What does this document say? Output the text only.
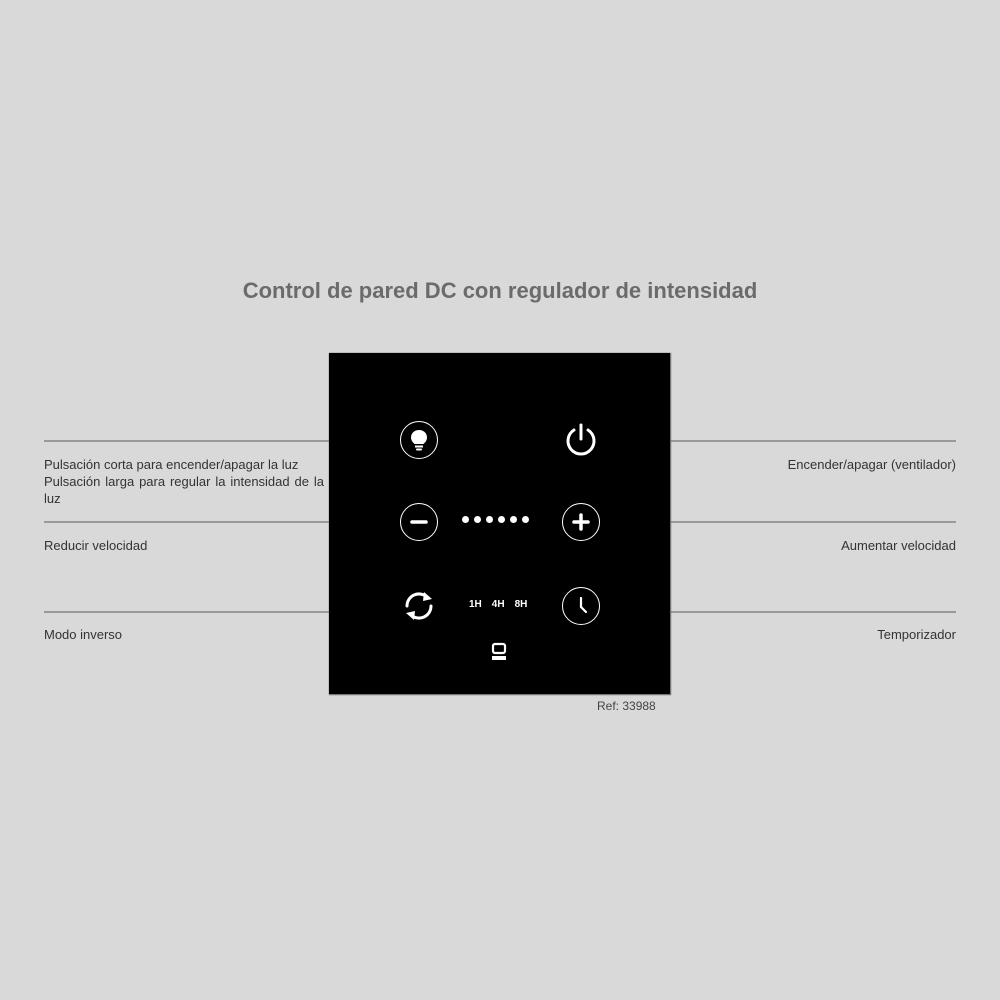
Control de pared DC con regulador de intensidad
Pulsación corta para encender/apagar la luz
Pulsación larga para regular la intensidad de la luz
Encender/apagar (ventilador)
Reducir velocidad	Aumentar velocidad
Modo inverso	Temporizador
1H 4H 8H
Ref: 33988
